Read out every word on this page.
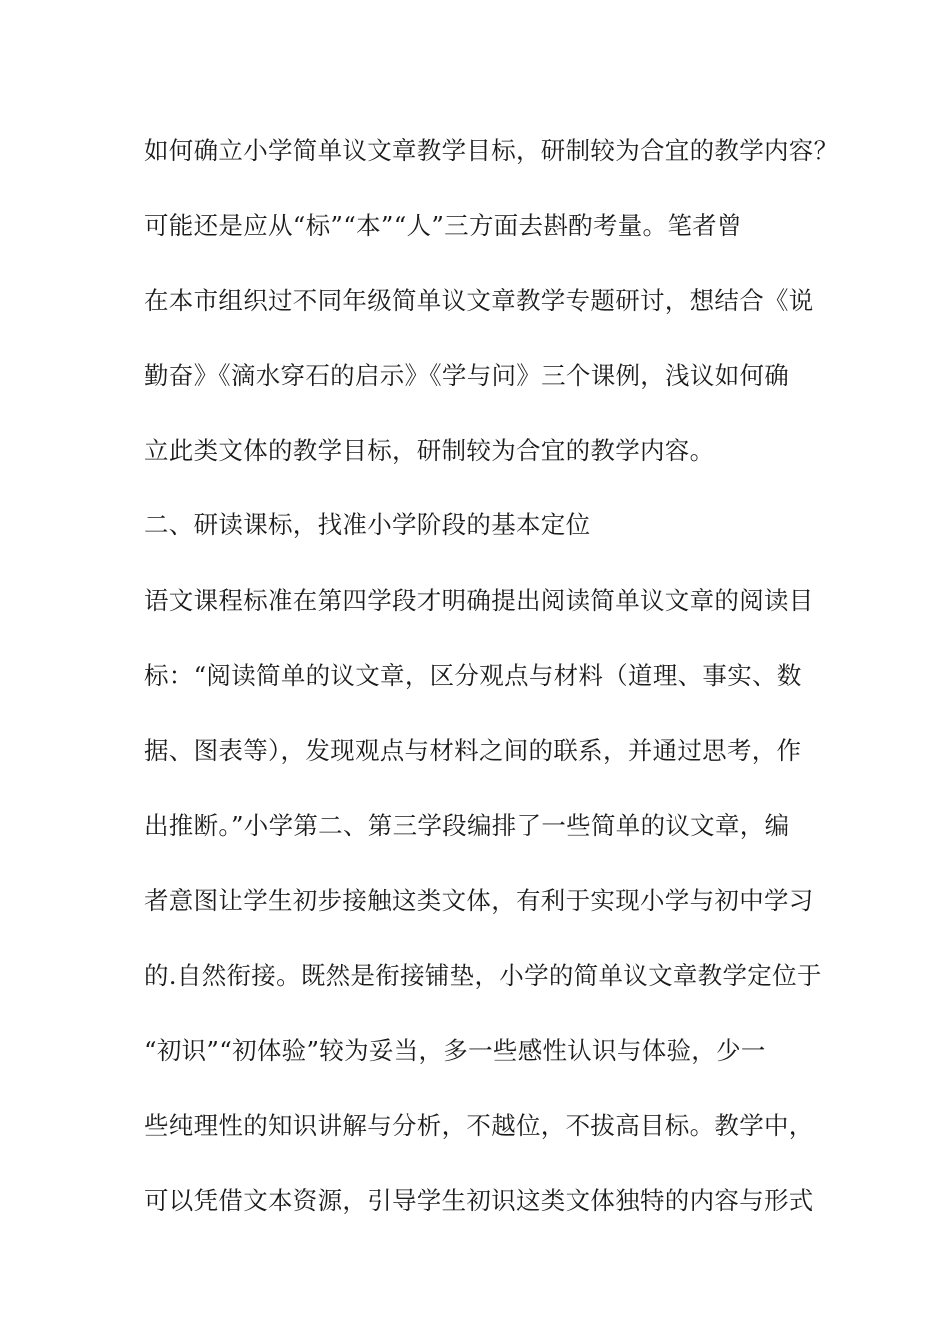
如何确立小学简单议文章教学目标，研制较为合宜的教学内容？
可能还是应从“标”“本”“人”三方面去斟酌考量。笔者曾
在本市组织过不同年级简单议文章教学专题研讨，想结合《说
勤奋》《滴水穿石的启示》《学与问》三个课例，浅议如何确
立此类文体的教学目标，研制较为合宜的教学内容。
二、研读课标，找准小学阶段的基本定位
语文课程标准在第四学段才明确提出阅读简单议文章的阅读目
标：“阅读简单的议文章，区分观点与材料（道理、事实、数
据、图表等），发现观点与材料之间的联系，并通过思考，作
出推断。”小学第二、第三学段编排了一些简单的议文章，编
者意图让学生初步接触这类文体，有利于实现小学与初中学习
的.自然衔接。既然是衔接铺垫，小学的简单议文章教学定位于
“初识”“初体验”较为妥当，多一些感性认识与体验，少一
些纯理性的知识讲解与分析，不越位，不拔高目标。教学中，
可以凭借文本资源，引导学生初识这类文体独特的内容与形式
